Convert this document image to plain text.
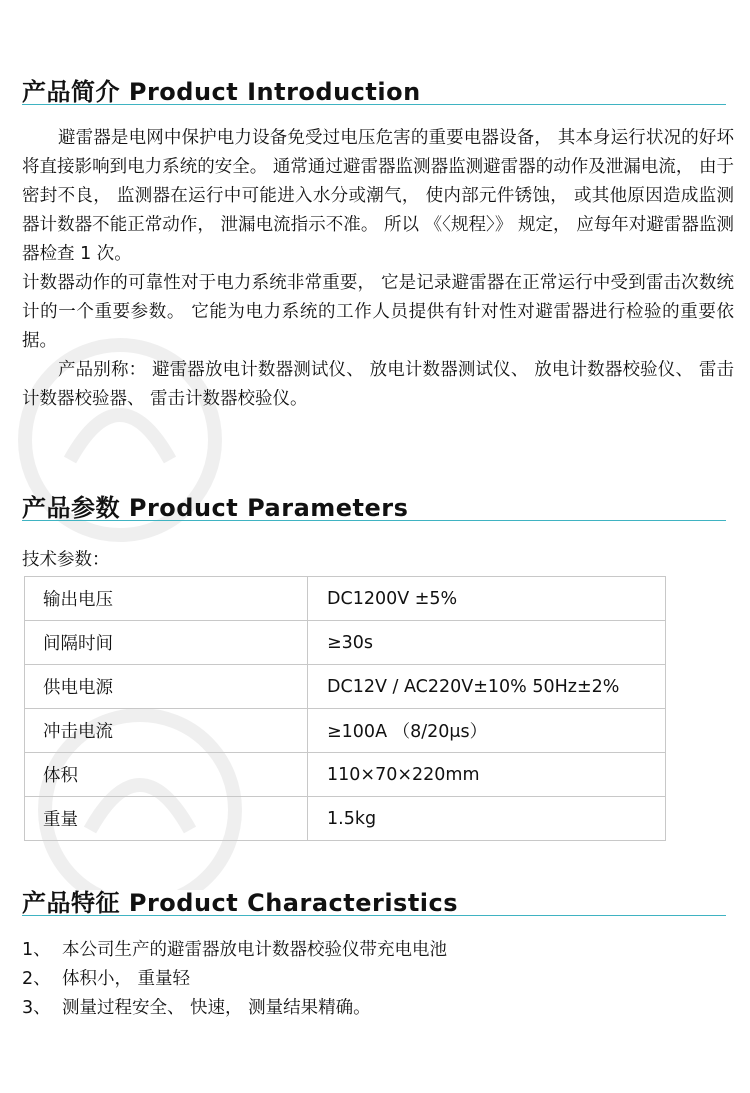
产品简介 Product Introduction

避雷器是电网中保护电力设备免受过电压危害的重要电器设备， 其本身运行状况的好坏将直接影响到电力系统的安全。 通常通过避雷器监测器监测避雷器的动作及泄漏电流， 由于密封不良， 监测器在运行中可能进入水分或潮气， 使内部元件锈蚀， 或其他原因造成监测器计数器不能正常动作， 泄漏电流指示不准。 所以 《〈规程〉》 规定， 应每年对避雷器监测器检查 1 次。

计数器动作的可靠性对于电力系统非常重要， 它是记录避雷器在正常运行中受到雷击次数统计的一个重要参数。 它能为电力系统的工作人员提供有针对性对避雷器进行检验的重要依据。

产品别称： 避雷器放电计数器测试仪、 放电计数器测试仪、 放电计数器校验仪、 雷击计数器校验器、 雷击计数器校验仪。

产品参数 Product Parameters
技术参数：
输出电压	DC1200V ±5%
间隔时间	≥30s
供电电源	DC12V / AC220V±10% 50Hz±2%
冲击电流	≥100A （8/20μs）
体积	110×70×220mm
重量	1.5kg
产品特征 Product Characteristics
1、 本公司生产的避雷器放电计数器校验仪带充电电池
2、 体积小， 重量轻
3、 测量过程安全、 快速， 测量结果精确。
